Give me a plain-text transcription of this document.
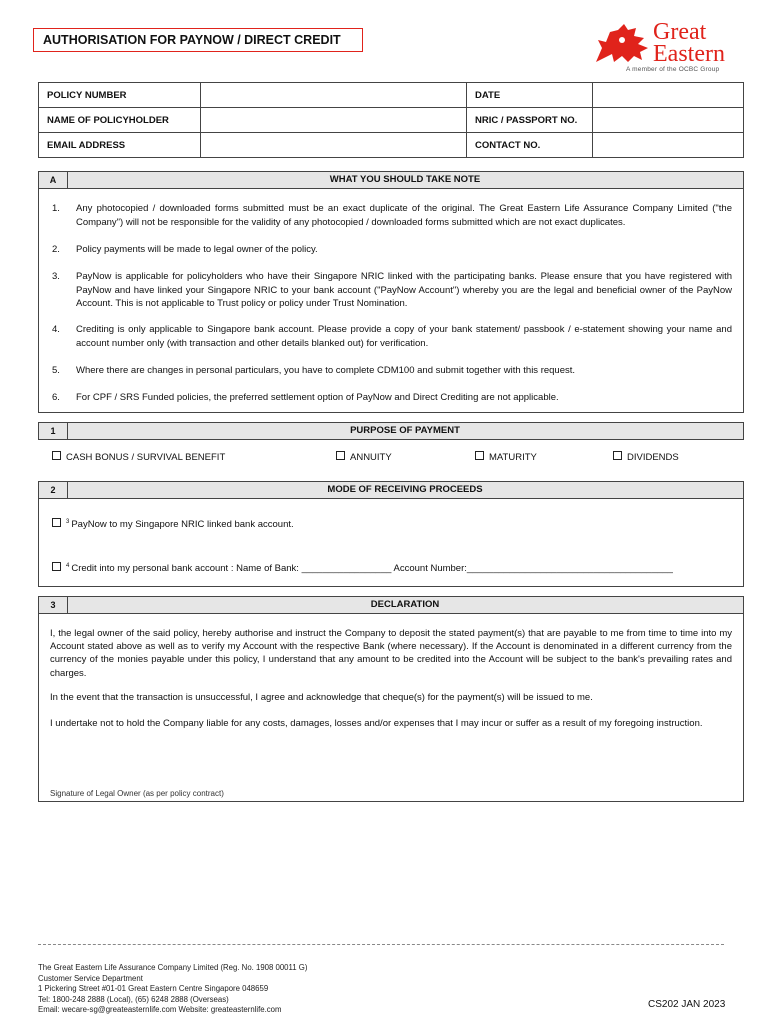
AUTHORISATION FOR PAYNOW / DIRECT CREDIT	Great
Eastern
A member of the OCBC Group
POLICY NUMBER		DATE	
NAME OF POLICYHOLDER		NRIC / PASSPORT NO.	
EMAIL ADDRESS		CONTACT NO.	
A	WHAT YOU SHOULD TAKE NOTE
1. Any photocopied / downloaded forms submitted must be an exact duplicate of the original. The Great Eastern Life Assurance Company Limited ("the Company") will not be responsible for the validity of any photocopied / downloaded forms submitted which are not exact duplicates.
2. Policy payments will be made to legal owner of the policy.
3. PayNow is applicable for policyholders who have their Singapore NRIC linked with the participating banks. Please ensure that you have registered with PayNow and have linked your Singapore NRIC to your bank account ("PayNow Account") whereby you are the legal and beneficial owner of the PayNow Account. This is not applicable to Trust policy or policy under Trust Nomination.
4. Crediting is only applicable to Singapore bank account. Please provide a copy of your bank statement/ passbook / e-statement showing your name and account number only (with transaction and other details blanked out) for verification.
5. Where there are changes in personal particulars, you have to complete CDM100 and submit together with this request.
6. For CPF / SRS Funded policies, the preferred settlement option of PayNow and Direct Crediting are not applicable.
1	PURPOSE OF PAYMENT
CASH BONUS / SURVIVAL BENEFIT	ANNUITY	MATURITY	DIVIDENDS
2	MODE OF RECEIVING PROCEEDS
$^3$ PayNow to my Singapore NRIC linked bank account.
$^4$ Credit into my personal bank account : Name of Bank: _________________ Account Number:_______________________________________
3	DECLARATION
I, the legal owner of the said policy, hereby authorise and instruct the Company to deposit the stated payment(s) that are payable to me from time to time into my Account stated above as well as to verify my Account with the respective Bank (where necessary). If the Account is denominated in a different currency from the currency of the monies payable under this policy, I understand that any amount to be credited into the Account will be subject to the bank's prevailing rates and charges.
In the event that the transaction is unsuccessful, I agree and acknowledge that cheque(s) for the payment(s) will be issued to me.
I undertake not to hold the Company liable for any costs, damages, losses and/or expenses that I may incur or suffer as a result of my foregoing instruction.
Signature of Legal Owner (as per policy contract)
The Great Eastern Life Assurance Company Limited (Reg. No. 1908 00011 G)
Customer Service Department
1 Pickering Street #01-01 Great Eastern Centre Singapore 048659
Tel: 1800-248 2888 (Local), (65) 6248 2888 (Overseas)
Email: wecare-sg@greateasternlife.com Website: greateasternlife.com	CS202 JAN 2023
